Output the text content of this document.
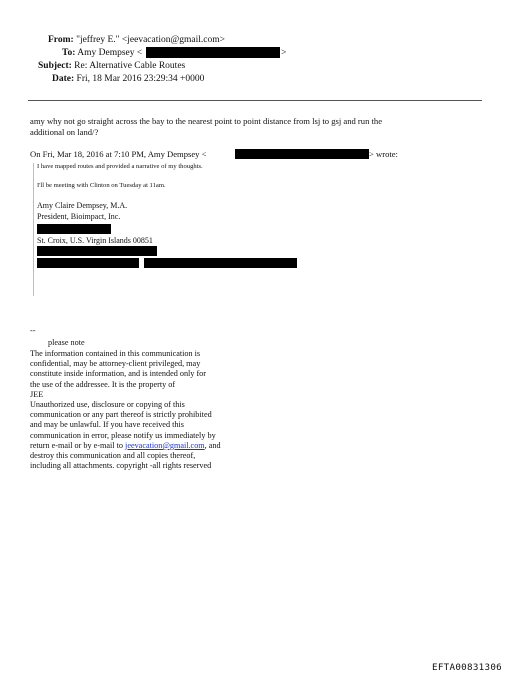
From: "jeffrey E." <jeevacation@gmail.com>
To: Amy Dempsey <	>
Subject: Re: Alternative Cable Routes
Date: Fri, 18 Mar 2016 23:29:34 +0000
amy why not go straight across the bay to the nearest point to point distance from lsj to gsj and run the
additional on land/?
On Fri, Mar 18, 2016 at 7:10 PM, Amy Dempsey <	> wrote:
I have mapped routes and provided a narrative of my thoughts.
I'll be meeting with Clinton on Tuesday at 11am.
Amy Claire Dempsey, M.A.
President, Bioimpact, Inc.
St. Croix, U.S. Virgin Islands 00851
--
please note
The information contained in this communication is
confidential, may be attorney-client privileged, may
constitute inside information, and is intended only for
the use of the addressee. It is the property of
JEE
Unauthorized use, disclosure or copying of this
communication or any part thereof is strictly prohibited
and may be unlawful. If you have received this
communication in error, please notify us immediately by
return e-mail or by e-mail to jeevacation@gmail.com, and
destroy this communication and all copies thereof,
including all attachments. copyright -all rights reserved
EFTA00831306
